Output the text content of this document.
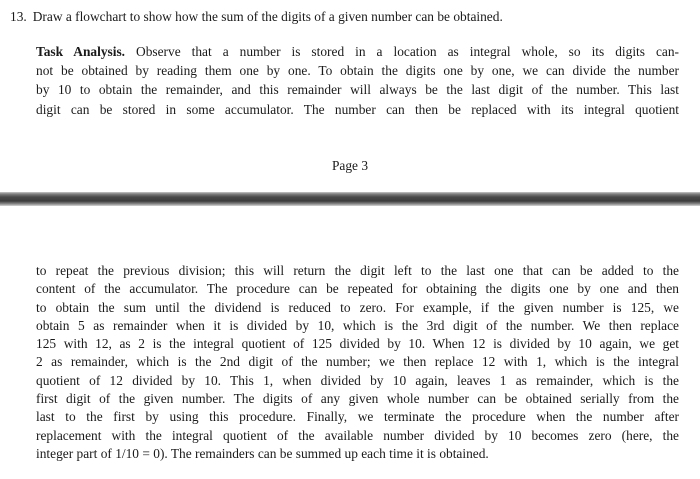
13. Draw a flowchart to show how the sum of the digits of a given number can be obtained.
Task Analysis. Observe that a number is stored in a location as integral whole, so its digits can-
not be obtained by reading them one by one. To obtain the digits one by one, we can divide the number
by 10 to obtain the remainder, and this remainder will always be the last digit of the number. This last
digit can be stored in some accumulator. The number can then be replaced with its integral quotient
Page 3
to repeat the previous division; this will return the digit left to the last one that can be added to the
content of the accumulator. The procedure can be repeated for obtaining the digits one by one and then
to obtain the sum until the dividend is reduced to zero. For example, if the given number is 125, we
obtain 5 as remainder when it is divided by 10, which is the 3rd digit of the number. We then replace
125 with 12, as 2 is the integral quotient of 125 divided by 10. When 12 is divided by 10 again, we get
2 as remainder, which is the 2nd digit of the number; we then replace 12 with 1, which is the integral
quotient of 12 divided by 10. This 1, when divided by 10 again, leaves 1 as remainder, which is the
first digit of the given number. The digits of any given whole number can be obtained serially from the
last to the first by using this procedure. Finally, we terminate the procedure when the number after
replacement with the integral quotient of the available number divided by 10 becomes zero (here, the
integer part of 1/10 = 0). The remainders can be summed up each time it is obtained.
